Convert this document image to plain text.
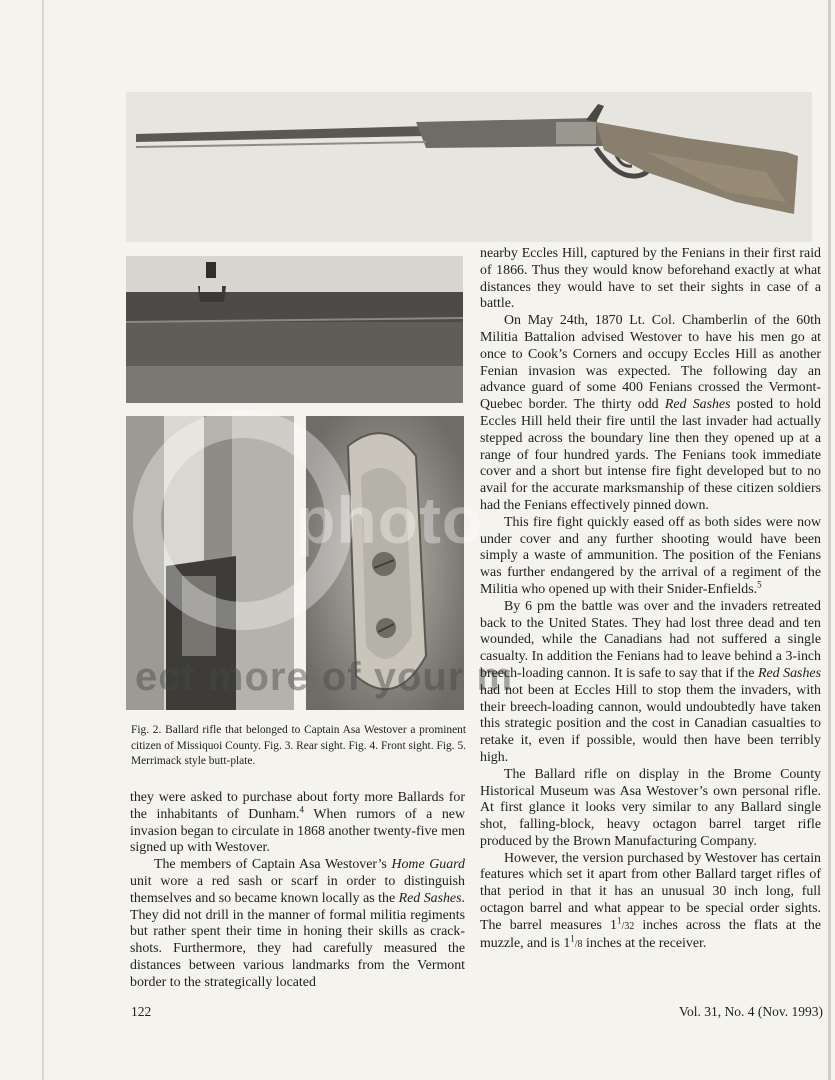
photo
ect more of your m
Fig. 2. Ballard rifle that belonged to Captain Asa Westover a prominent citizen of Missiquoi County. Fig. 3. Rear sight. Fig. 4. Front sight. Fig. 5. Merrimack style butt-plate.

they were asked to purchase about forty more Ballards for the inhabitants of Dunham.$^4$ When rumors of a new invasion began to circulate in 1868 another twenty-five men signed up with Westover.

The members of Captain Asa Westover’s Home Guard unit wore a red sash or scarf in order to distinguish themselves and so became known locally as the Red Sashes. They did not drill in the manner of formal militia regiments but rather spent their time in honing their skills as crack-shots. Furthermore, they had carefully measured the distances between various landmarks from the Vermont border to the strategically located

nearby Eccles Hill, captured by the Fenians in their first raid of 1866. Thus they would know beforehand exactly at what distances they would have to set their sights in case of a battle.

On May 24th, 1870 Lt. Col. Chamberlin of the 60th Militia Battalion advised Westover to have his men go at once to Cook’s Corners and occupy Eccles Hill as another Fenian invasion was expected. The following day an advance guard of some 400 Fenians crossed the Vermont-Quebec border. The thirty odd Red Sashes posted to hold Eccles Hill held their fire until the last invader had actually stepped across the boundary line then they opened up at a range of four hundred yards. The Fenians took immediate cover and a short but intense fire fight developed but to no avail for the accurate marksmanship of these citizen soldiers had the Fenians effectively pinned down.

This fire fight quickly eased off as both sides were now under cover and any further shooting would have been simply a waste of ammunition. The position of the Fenians was further endangered by the arrival of a regiment of the Militia who opened up with their Snider-Enfields.$^5$

By 6 pm the battle was over and the invaders retreated back to the United States. They had lost three dead and ten wounded, while the Canadians had not suffered a single casualty. In addition the Fenians had to leave behind a 3-inch breech-loading cannon. It is safe to say that if the Red Sashes had not been at Eccles Hill to stop them the invaders, with their breech-loading cannon, would undoubtedly have taken this strategic position and the cost in Canadian casualties to retake it, even if possible, would then have been terribly high.

The Ballard rifle on display in the Brome County Historical Museum was Asa Westover’s own personal rifle. At first glance it looks very similar to any Ballard single shot, falling-block, heavy octagon barrel target rifle produced by the Brown Manufacturing Company.

However, the version purchased by Westover has certain features which set it apart from other Ballard target rifles of that period in that it has an unusual 30 inch long, full octagon barrel and what appear to be special order sights. The barrel measures $1^1/32$ inches across the flats at the muzzle, and is $1^1/8$ inches at the receiver.

122	Vol. 31, No. 4 (Nov. 1993)
